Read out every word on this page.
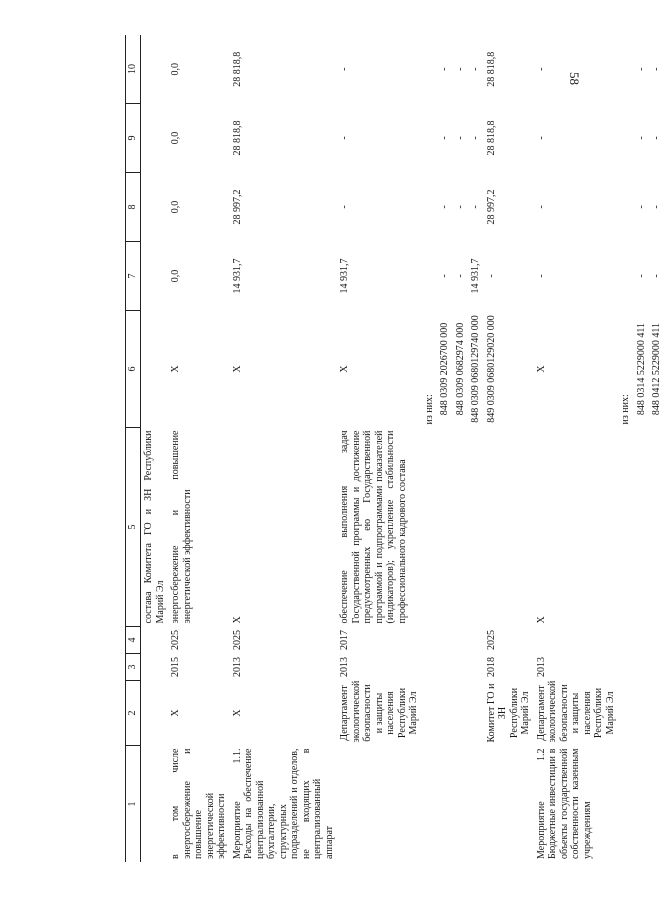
58
1	2	3	4	5	6	7	8	9	10
				состава Комитета ГО и ЗН Республики Марий Эл					
в том числе энергосбережение и повышение энергетической эффективности	X	2015	2025	энергосбережение и повышение энергетической эффективности	X	0,0	0,0	0,0	0,0
Мероприятие 1.1. Расходы на обеспечение централизованной бухгалтерии, структурных подразделений и отделов, не входящих в централизованный аппарат	X	2013	2025	X	X	14 931,7	28 997,2	28 818,8	28 818,8
	Департамент экологической безопасности и защиты населения Республики Марий Эл	2013	2017	обеспечение выполнения задач Государственной программы и достижение предусмотренных ею Государственной программой и подпрограммами показателей (индикаторов); укрепление стабильности профессионального кадрового состава	X	14 931,7	-	-	-
					из них:				
					848 0309 2026700 000	-	-	-	-
					848 0309 0682974 000	-	-	-	-
					848 0309 0680129740 000	14 931,7	-	-	-
	Комитет ГО и ЗН Республики Марий Эл	2018	2025		849 0309 0680129020 000	-	28 997,2	28 818,8	28 818,8
Мероприятие 1.2 Бюджетные инвестиции в объекты государственной собственности казенным учреждениям	Департамент экологической безопасности и защиты населения Республики Марий Эл	2013		X	X	-	-	-	-
					из них:				
					848 0314 5229000 411	-	-	-	-
					848 0412 5229000 411	-	-	-	-
